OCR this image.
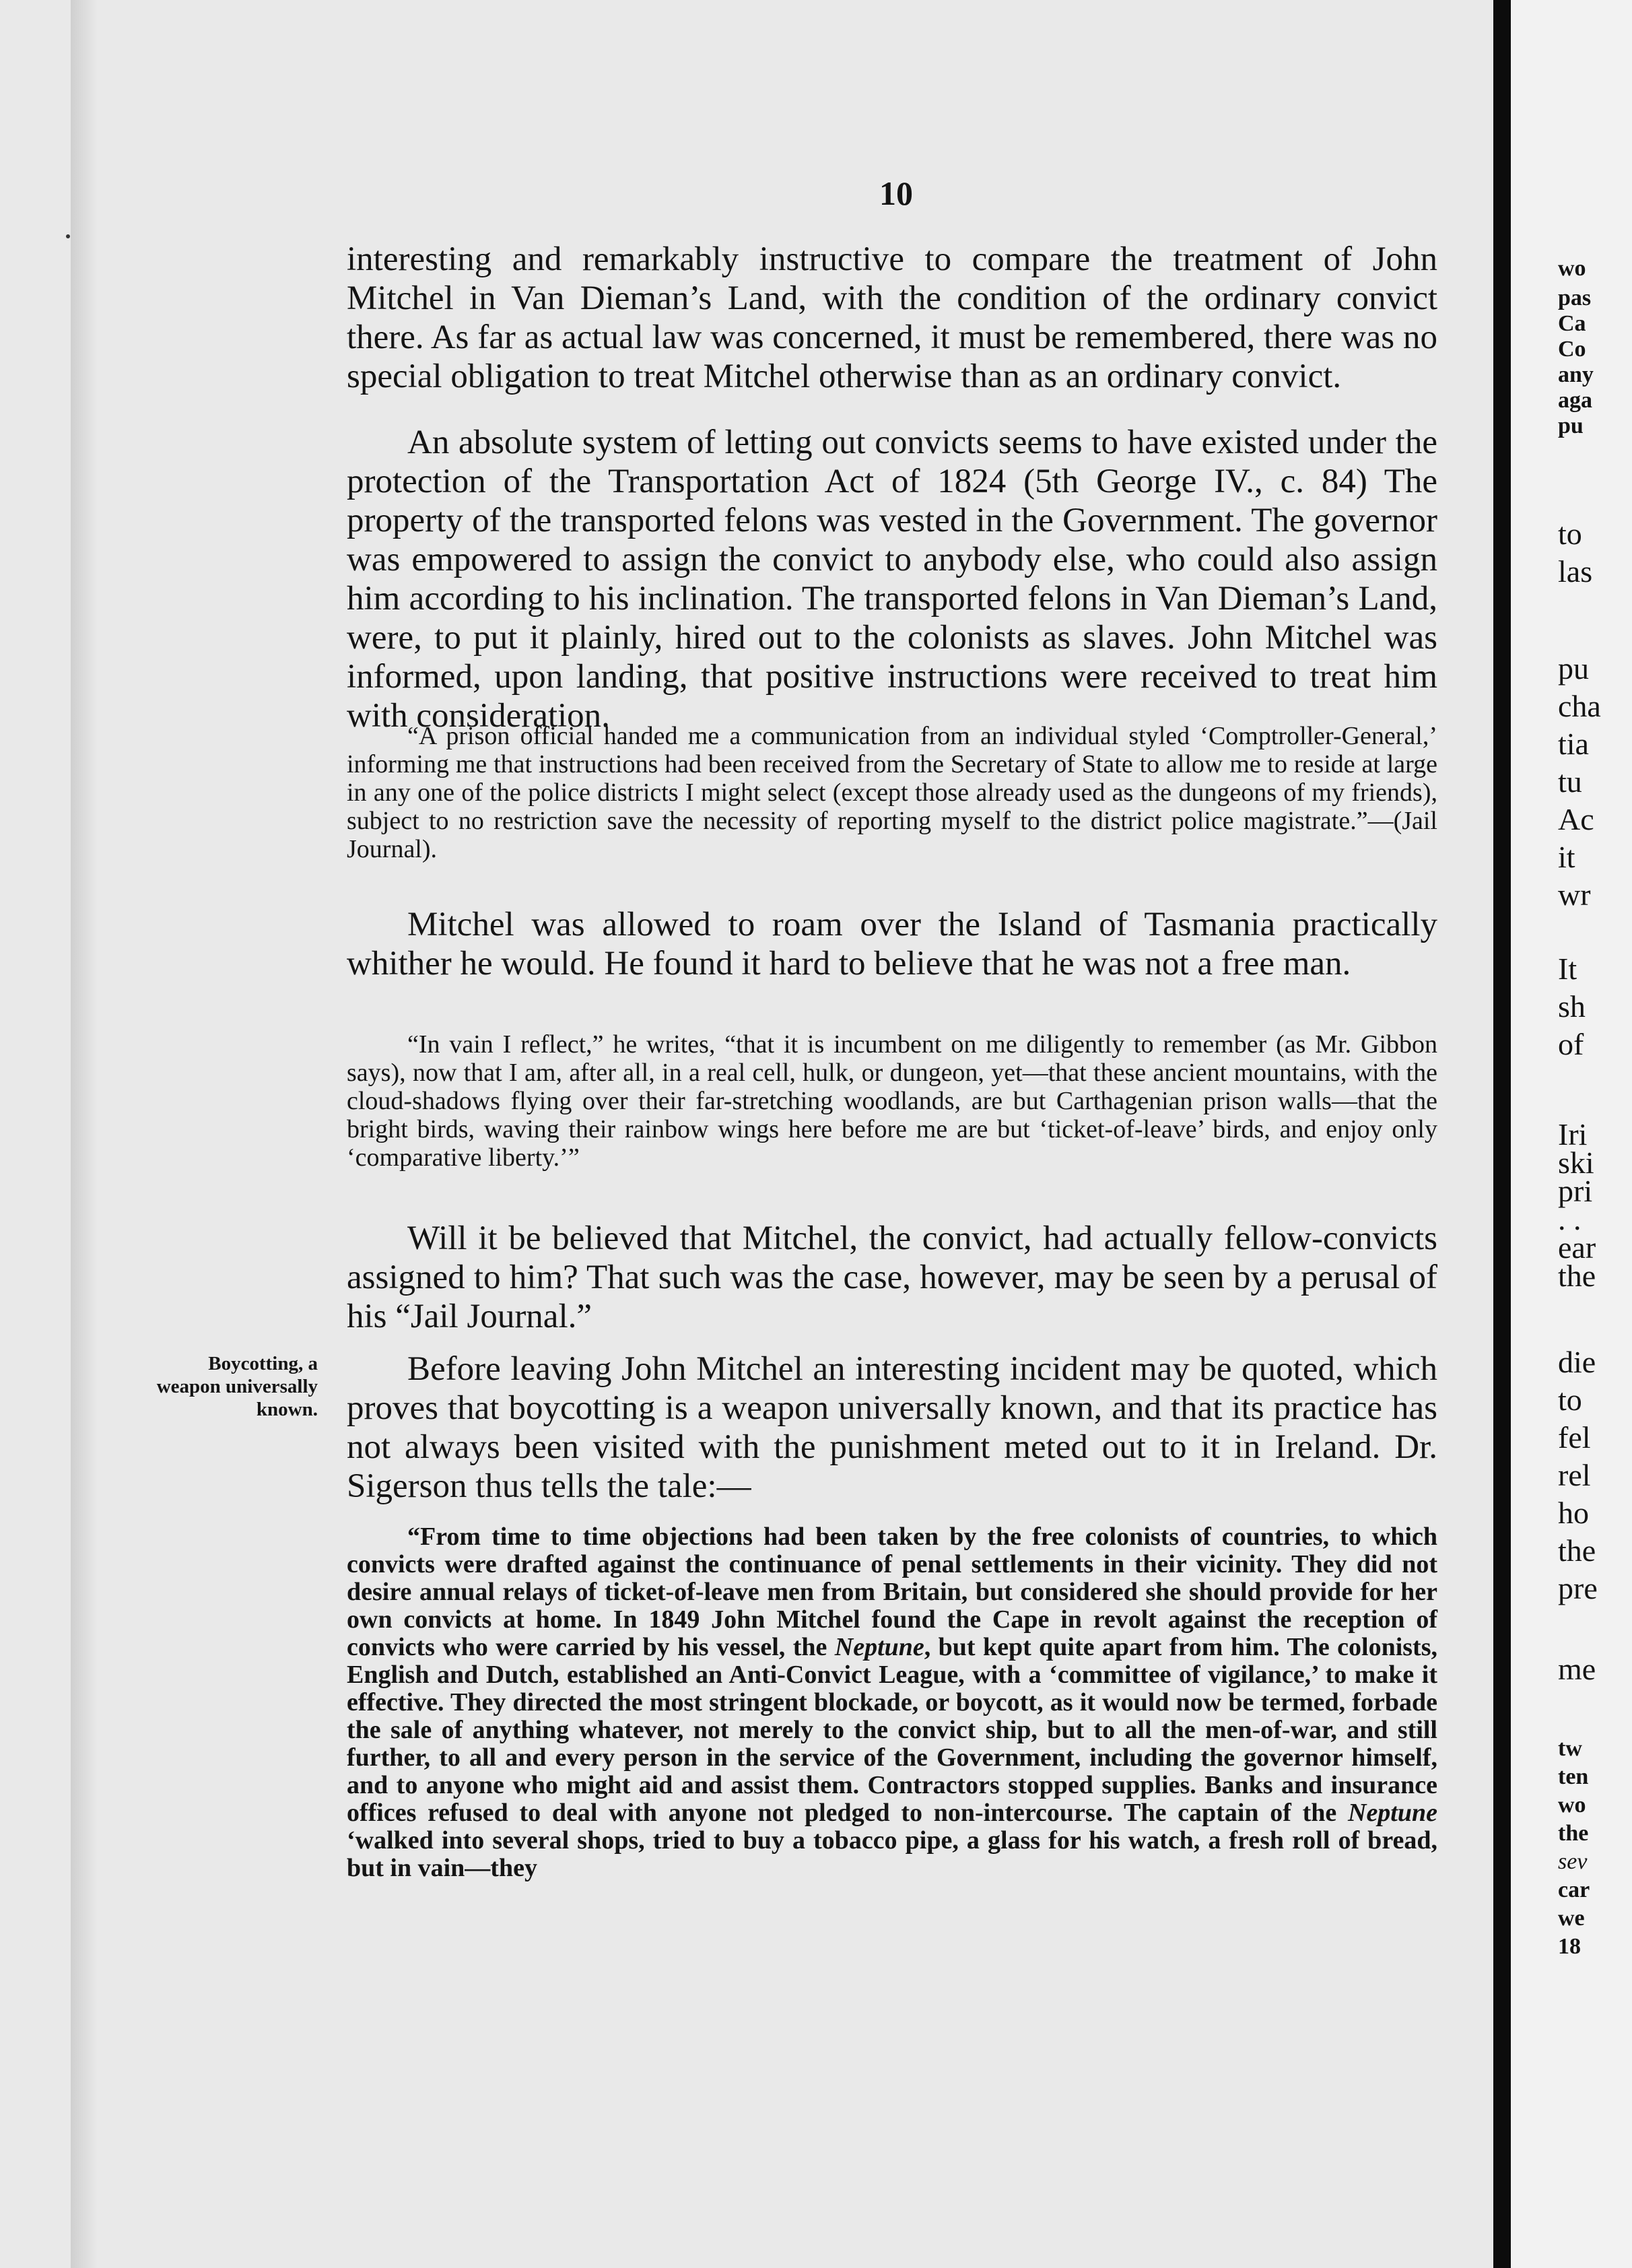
10

interesting and remarkably instructive to compare the treatment of John Mitchel in Van Dieman’s Land, with the condition of the ordinary convict there. As far as actual law was concerned, it must be remembered, there was no special obligation to treat Mitchel otherwise than as an ordinary convict.

An absolute system of letting out convicts seems to have existed under the protection of the Transportation Act of 1824 (5th George IV., c. 84) The property of the transported felons was vested in the Government. The governor was empowered to assign the convict to anybody else, who could also assign him according to his inclination. The transported felons in Van Dieman’s Land, were, to put it plainly, hired out to the colonists as slaves. John Mitchel was informed, upon landing, that positive instructions were received to treat him with consideration.

“A prison official handed me a communication from an individual styled ‘Comptroller-General,’ informing me that instructions had been received from the Secretary of State to allow me to reside at large in any one of the police districts I might select (except those already used as the dungeons of my friends), subject to no restriction save the necessity of reporting myself to the district police magistrate.”—(Jail Journal).

Mitchel was allowed to roam over the Island of Tasmania practically whither he would. He found it hard to believe that he was not a free man.

“In vain I reflect,” he writes, “that it is incumbent on me diligently to remember (as Mr. Gibbon says), now that I am, after all, in a real cell, hulk, or dungeon, yet—that these ancient mountains, with the cloud-shadows flying over their far-stretching woodlands, are but Carthagenian prison walls—that the bright birds, waving their rainbow wings here before me are but ‘ticket-of-leave’ birds, and enjoy only ‘comparative liberty.’”

Will it be believed that Mitchel, the convict, had actually fellow-convicts assigned to him? That such was the case, however, may be seen by a perusal of his “Jail Journal.”

Boycotting, a weapon universally known.

Before leaving John Mitchel an interesting incident may be quoted, which proves that boycotting is a weapon universally known, and that its practice has not always been visited with the punishment meted out to it in Ireland. Dr. Sigerson thus tells the tale:—

“From time to time objections had been taken by the free colonists of countries, to which convicts were drafted against the continuance of penal settlements in their vicinity. They did not desire annual relays of ticket-of-leave men from Britain, but considered she should provide for her own convicts at home. In 1849 John Mitchel found the Cape in revolt against the reception of convicts who were carried by his vessel, the Neptune, but kept quite apart from him. The colonists, English and Dutch, established an Anti-Convict League, with a ‘committee of vigilance,’ to make it effective. They directed the most stringent blockade, or boycott, as it would now be termed, forbade the sale of anything whatever, not merely to the convict ship, but to all the men-of-war, and still further, to all and every person in the service of the Government, including the governor himself, and to anyone who might aid and assist them. Contractors stopped supplies. Banks and insurance offices refused to deal with anyone not pledged to non-intercourse. The captain of the Neptune ‘walked into several shops, tried to buy a tobacco pipe, a glass for his watch, a fresh roll of bread, but in vain—they

wo
pas
Ca
Co
any
aga
pu
to
las
pu
cha
tia
tu
Ac
it
wr
It
sh
of
Iri
ski
pri
. .
ear
the
die
to
fel
rel
ho
the
pre
me
tw
ten
wo
the
sev
car
we
18
